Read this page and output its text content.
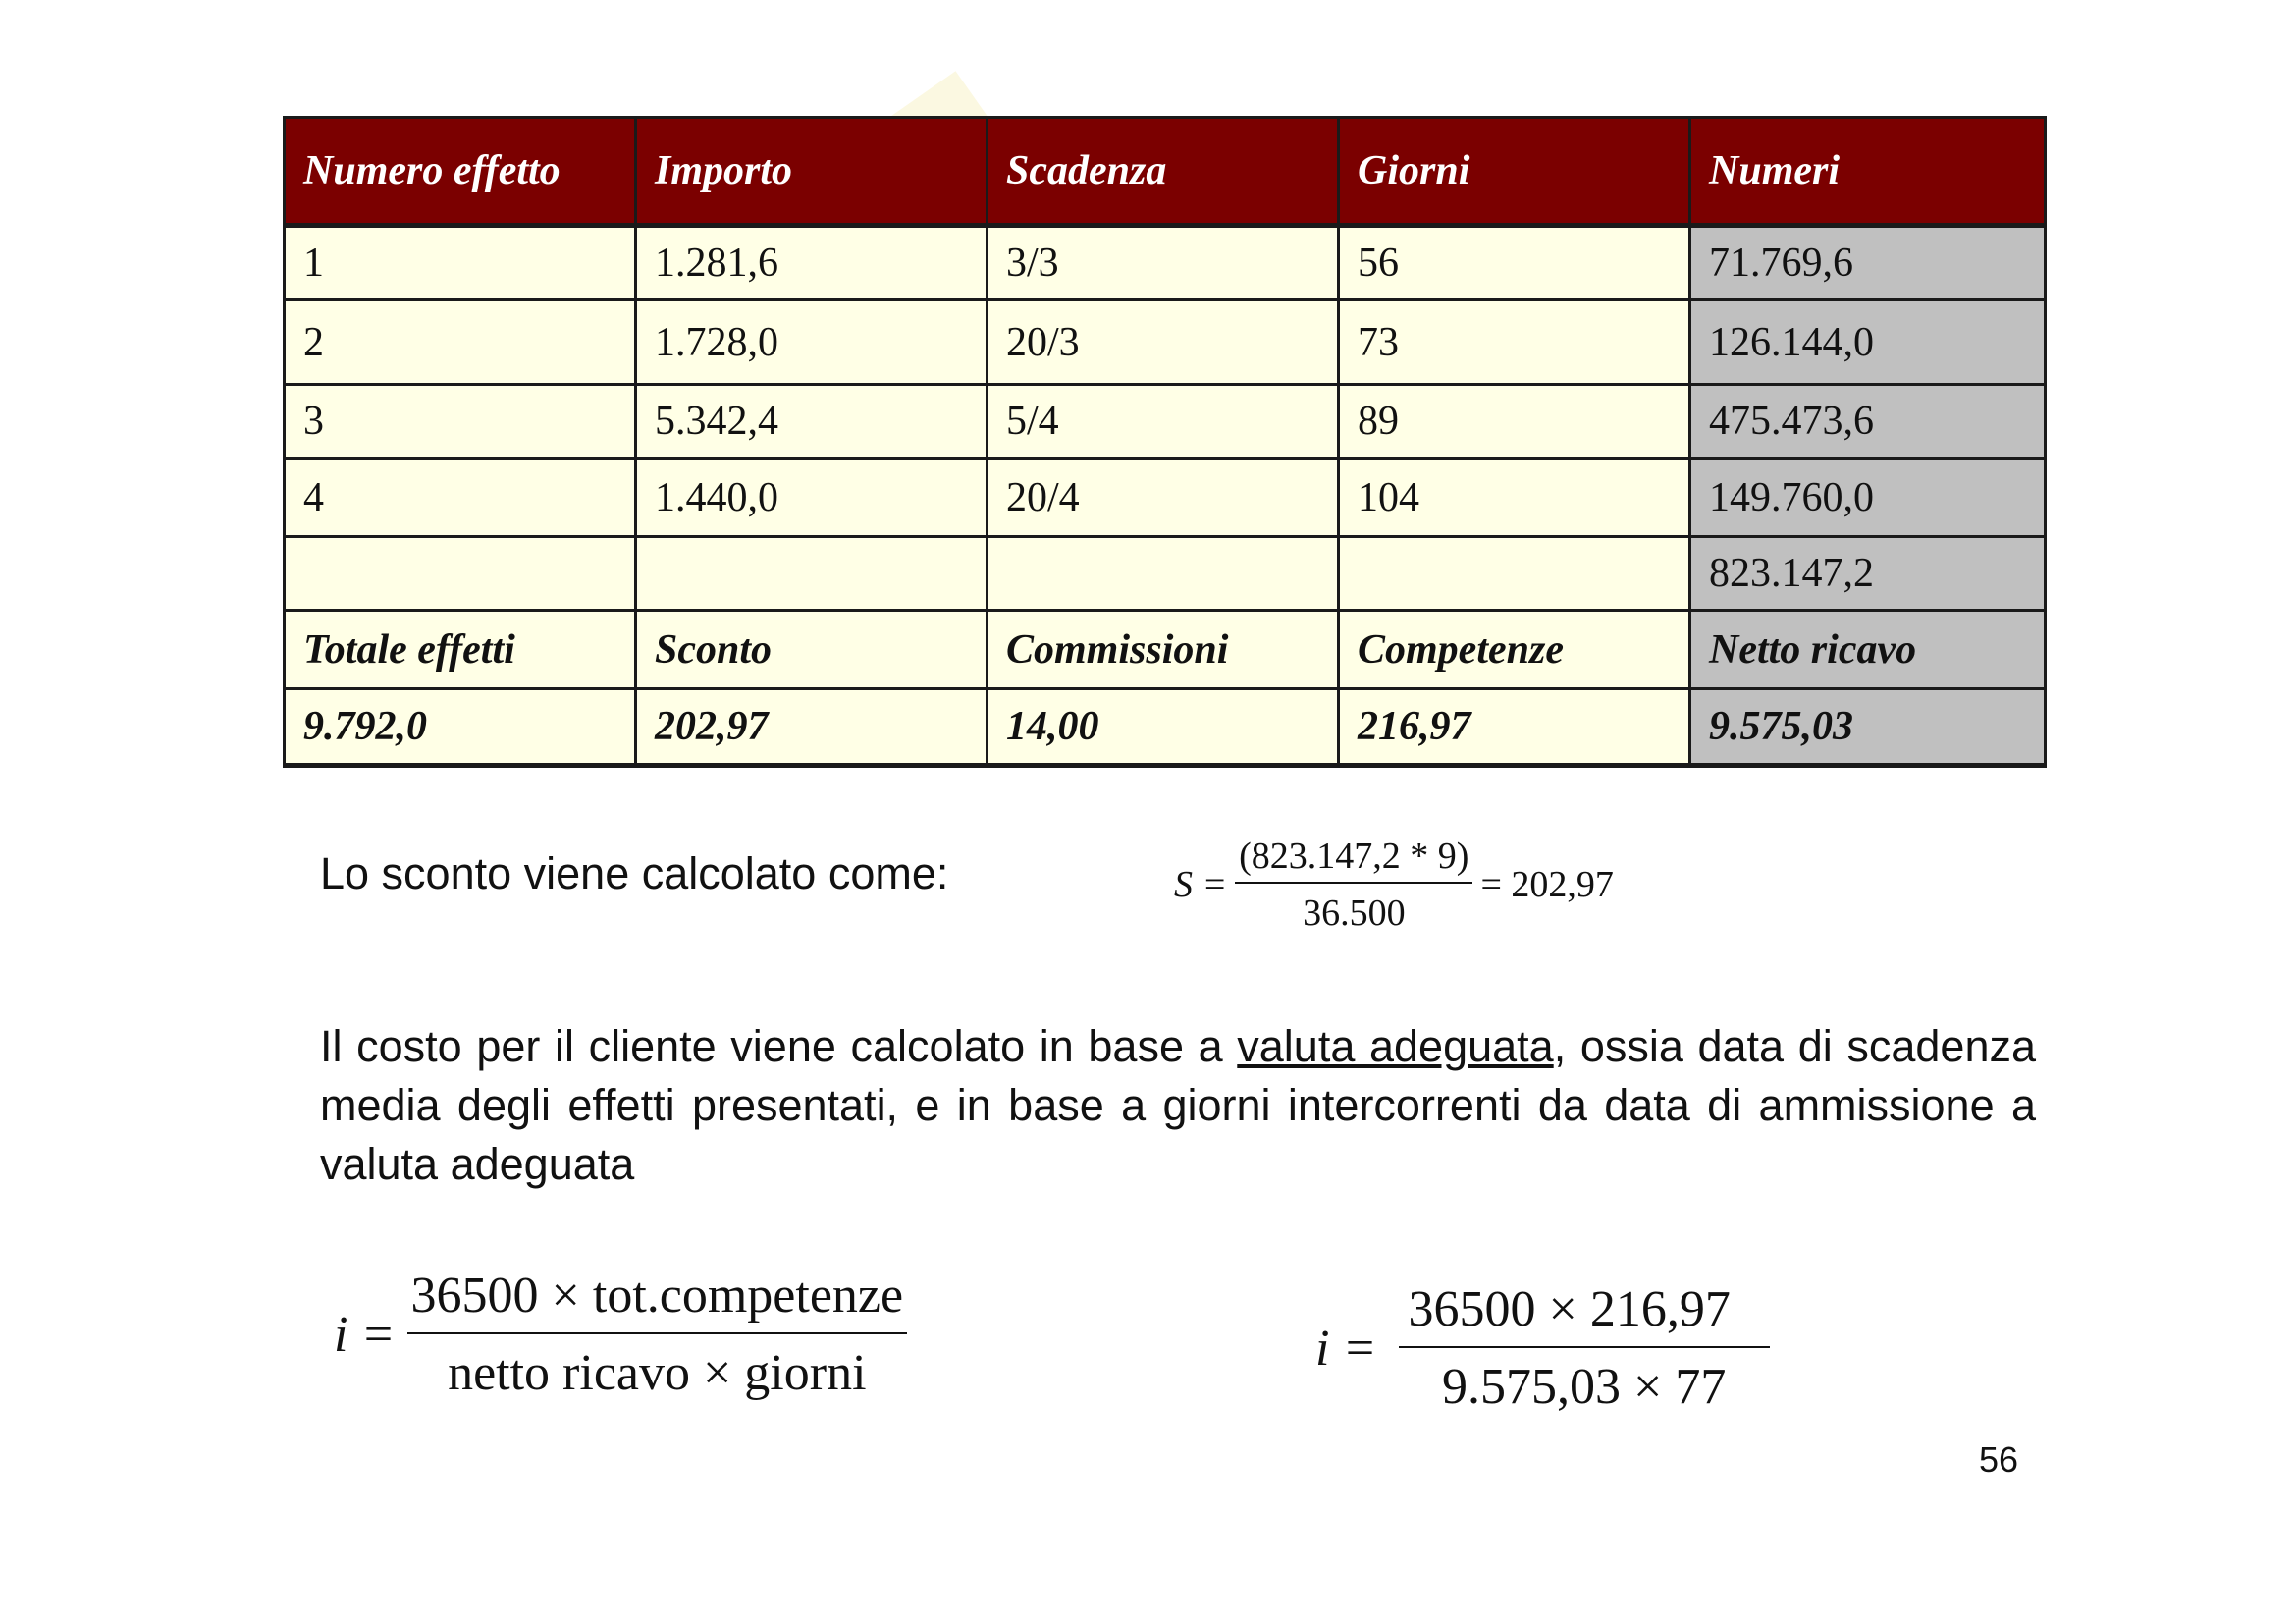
Numero effetto	Importo	Scadenza	Giorni	Numeri
1	1.281,6	3/3	56	71.769,6
2	1.728,0	20/3	73	126.144,0
3	5.342,4	5/4	89	475.473,6
4	1.440,0	20/4	104	149.760,0
				823.147,2
Totale effetti	Sconto	Commissioni	Competenze	Netto ricavo
9.792,0	202,97	14,00	216,97	9.575,03
Lo sconto viene calcolato come:	$S = \frac{(823.147,2 * 9)}{36.500} = 202,97$
Il costo per il cliente viene calcolato in base a valuta adeguata, ossia data di scadenza media degli effetti presentati, e in base a giorni intercorrenti da data di ammissione a valuta adeguata
$i = \frac{\text{36500 × tot.competenze}}{\text{netto ricavo × giorni}}$	$i = \frac{36500 \times 216,97}{9.575,03 \times 77}$
56
